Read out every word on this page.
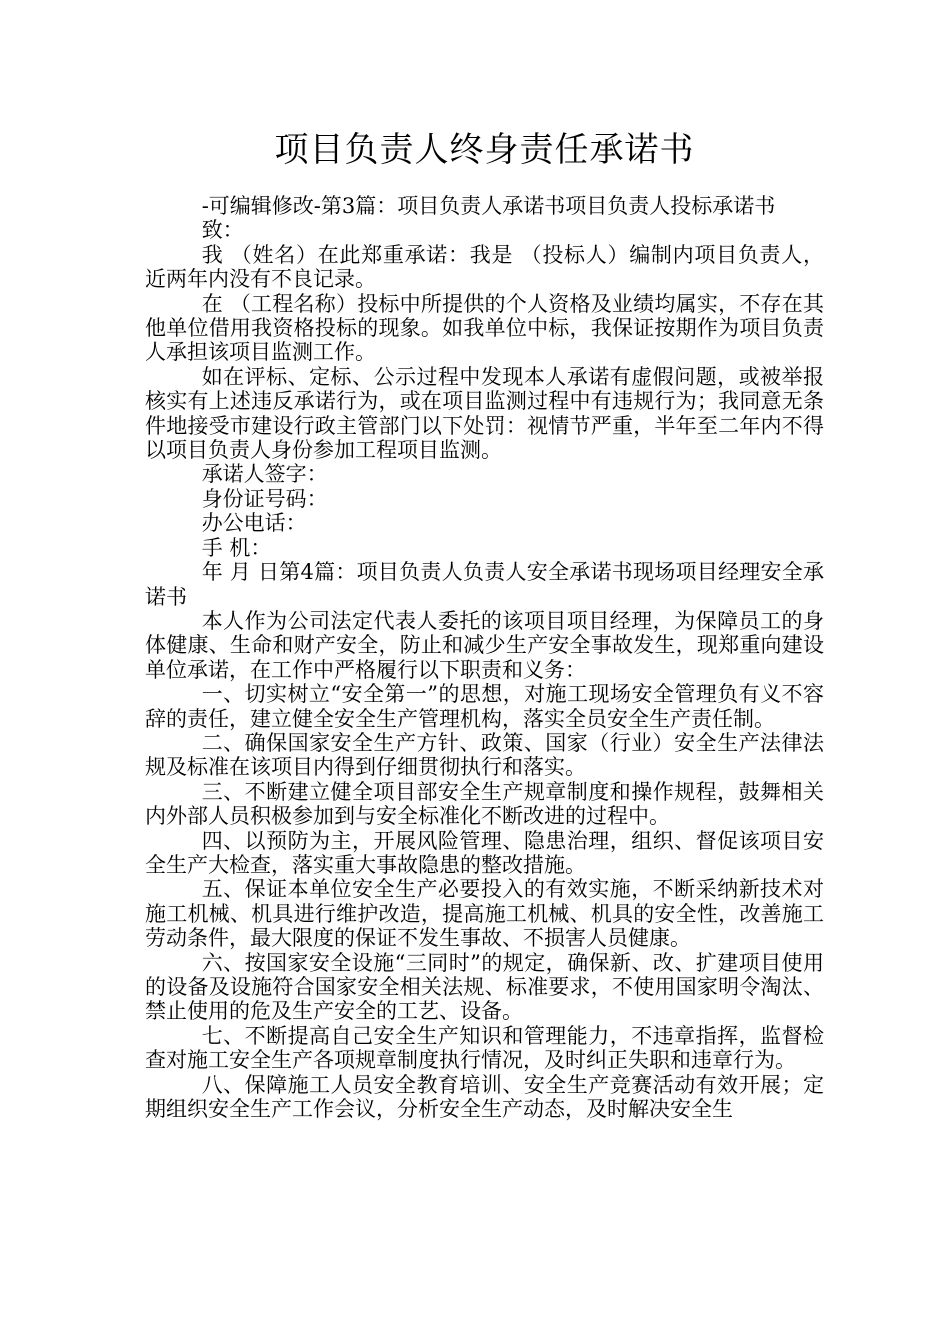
项目负责人终身责任承诺书

-可编辑修改-第3篇：项目负责人承诺书项目负责人投标承诺书

致：

我 （姓名）在此郑重承诺：我是 （投标人）编制内项目负责人，近两年内没有不良记录。

在 （工程名称）投标中所提供的个人资格及业绩均属实，不存在其他单位借用我资格投标的现象。如我单位中标，我保证按期作为项目负责人承担该项目监测工作。

如在评标、定标、公示过程中发现本人承诺有虚假问题，或被举报核实有上述违反承诺行为，或在项目监测过程中有违规行为；我同意无条件地接受市建设行政主管部门以下处罚：视情节严重，半年至二年内不得以项目负责人身份参加工程项目监测。

承诺人签字：

身份证号码：

办公电话：

手 机：

年 月 日第4篇：项目负责人负责人安全承诺书现场项目经理安全承诺书

本人作为公司法定代表人委托的该项目项目经理，为保障员工的身体健康、生命和财产安全，防止和减少生产安全事故发生，现郑重向建设单位承诺，在工作中严格履行以下职责和义务：

一、切实树立“安全第一”的思想，对施工现场安全管理负有义不容辞的责任，建立健全安全生产管理机构，落实全员安全生产责任制。

二、确保国家安全生产方针、政策、国家（行业）安全生产法律法规及标准在该项目内得到仔细贯彻执行和落实。

三、不断建立健全项目部安全生产规章制度和操作规程，鼓舞相关内外部人员积极参加到与安全标准化不断改进的过程中。

四、以预防为主，开展风险管理、隐患治理，组织、督促该项目安全生产大检查，落实重大事故隐患的整改措施。

五、保证本单位安全生产必要投入的有效实施，不断采纳新技术对施工机械、机具进行维护改造，提高施工机械、机具的安全性，改善施工劳动条件，最大限度的保证不发生事故、不损害人员健康。

六、按国家安全设施“三同时”的规定，确保新、改、扩建项目使用的设备及设施符合国家安全相关法规、标准要求，不使用国家明令淘汰、禁止使用的危及生产安全的工艺、设备。

七、不断提高自己安全生产知识和管理能力，不违章指挥，监督检查对施工安全生产各项规章制度执行情况，及时纠正失职和违章行为。

八、保障施工人员安全教育培训、安全生产竞赛活动有效开展；定期组织安全生产工作会议，分析安全生产动态，及时解决安全生
